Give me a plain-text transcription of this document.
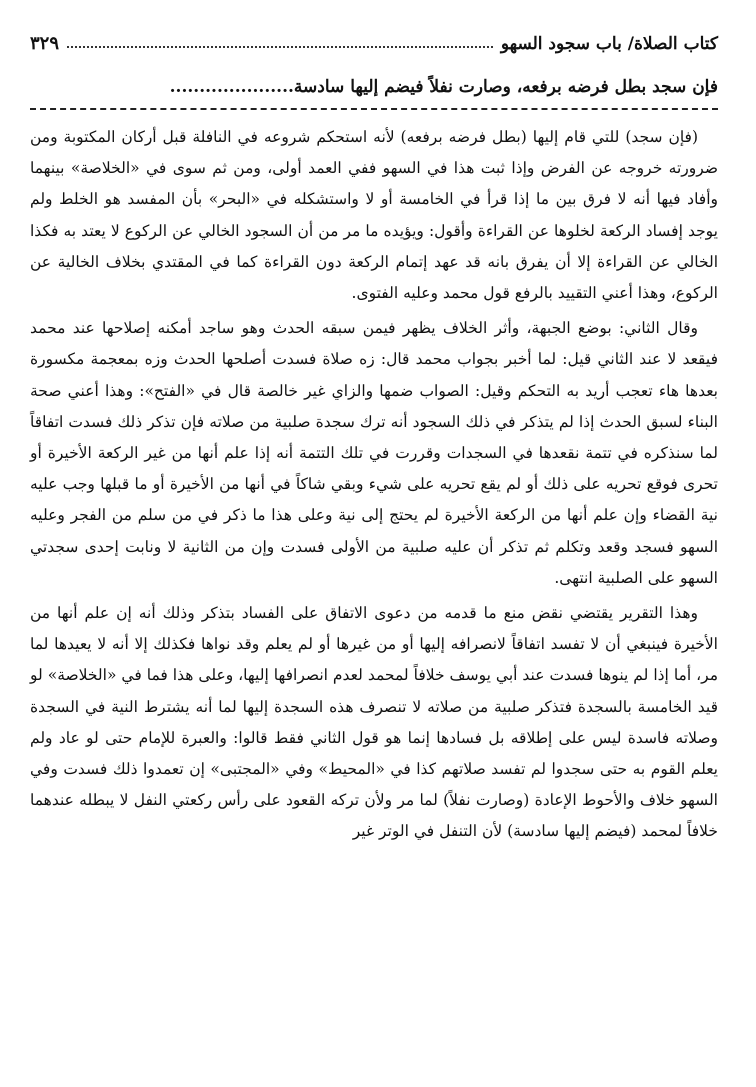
كتاب الصلاة/ باب سجود السهو
٣٢٩
فإن سجد بطل فرضه برفعه، وصارت نفلاً فيضم إليها سادسة.....................

(فإن سجد) للتي قام إليها (بطل فرضه برفعه) لأنه استحكم شروعه في النافلة قبل أركان المكتوبة ومن ضرورته خروجه عن الفرض وإذا ثبت هذا في السهو ففي العمد أولى، ومن ثم سوى في «الخلاصة» بينهما وأفاد فيها أنه لا فرق بين ما إذا قرأ في الخامسة أو لا واستشكله في «البحر» بأن المفسد هو الخلط ولم يوجد إفساد الركعة لخلوها عن القراءة وأقول: ويؤيده ما مر من أن السجود الخالي عن الركوع لا يعتد به فكذا الخالي عن القراءة إلا أن يفرق بانه قد عهد إتمام الركعة دون القراءة كما في المقتدي بخلاف الخالية عن الركوع، وهذا أعني التقييد بالرفع قول محمد وعليه الفتوى.

وقال الثاني: بوضع الجبهة، وأثر الخلاف يظهر فيمن سبقه الحدث وهو ساجد أمكنه إصلاحها عند محمد فيقعد لا عند الثاني قيل: لما أخبر بجواب محمد قال: زه صلاة فسدت أصلحها الحدث وزه بمعجمة مكسورة بعدها هاء تعجب أريد به التحكم وقيل: الصواب ضمها والزاي غير خالصة قال في «الفتح»: وهذا أعني صحة البناء لسبق الحدث إذا لم يتذكر في ذلك السجود أنه ترك سجدة صلبية من صلاته فإن تذكر ذلك فسدت اتفاقاً لما سنذكره في تتمة نقعدها في السجدات وقررت في تلك التتمة أنه إذا علم أنها من غير الركعة الأخيرة أو تحرى فوقع تحريه على ذلك أو لم يقع تحريه على شيء وبقي شاكاً في أنها من الأخيرة أو ما قبلها وجب عليه نية القضاء وإن علم أنها من الركعة الأخيرة لم يحتج إلى نية وعلى هذا ما ذكر في من سلم من الفجر وعليه السهو فسجد وقعد وتكلم ثم تذكر أن عليه صلبية من الأولى فسدت وإن من الثانية لا ونابت إحدى سجدتي السهو على الصلبية انتهى.

وهذا التقرير يقتضي نقض منع ما قدمه من دعوى الاتفاق على الفساد بتذكر وذلك أنه إن علم أنها من الأخيرة فينبغي أن لا تفسد اتفاقاً لانصرافه إليها أو من غيرها أو لم يعلم وقد نواها فكذلك إلا أنه لا يعيدها لما مر، أما إذا لم ينوها فسدت عند أبي يوسف خلافاً لمحمد لعدم انصرافها إليها، وعلى هذا فما في «الخلاصة» لو قيد الخامسة بالسجدة فتذكر صلبية من صلاته لا تنصرف هذه السجدة إليها لما أنه يشترط النية في السجدة وصلاته فاسدة ليس على إطلاقه بل فسادها إنما هو قول الثاني فقط قالوا: والعبرة للإمام حتى لو عاد ولم يعلم القوم به حتى سجدوا لم تفسد صلاتهم كذا في «المحيط» وفي «المجتبى» إن تعمدوا ذلك فسدت وفي السهو خلاف والأحوط الإعادة (وصارت نفلاً) لما مر ولأن تركه القعود على رأس ركعتي النفل لا يبطله عندهما خلافاً لمحمد (فيضم إليها سادسة) لأن التنفل في الوتر غير
